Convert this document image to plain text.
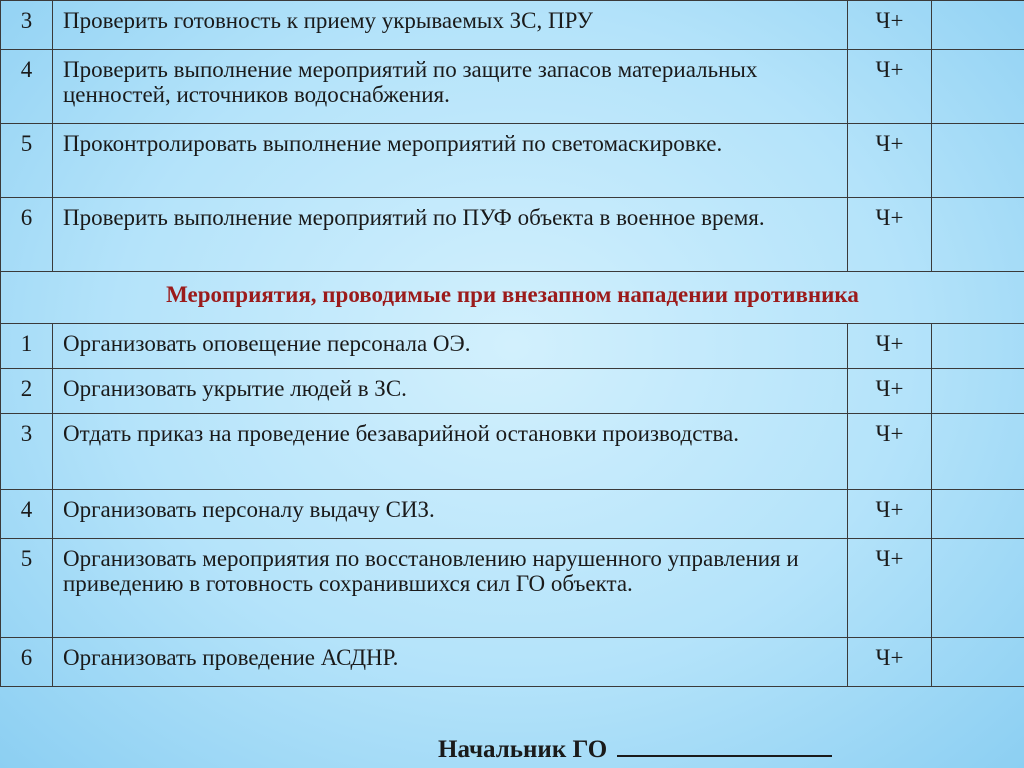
3	Проверить готовность к приему укрываемых ЗС, ПРУ	Ч+	
4	Проверить выполнение мероприятий по защите запасов материальных ценностей, источников водоснабжения.	Ч+	
5	Проконтролировать выполнение мероприятий по светомаскировке.	Ч+	
6	Проверить выполнение мероприятий по ПУФ объекта в военное время.	Ч+	
Мероприятия, проводимые при внезапном нападении противника			
1	Организовать оповещение персонала ОЭ.	Ч+	
2	Организовать укрытие людей в ЗС.	Ч+	
3	Отдать приказ на проведение безаварийной остановки производства.	Ч+	
4	Организовать персоналу выдачу СИЗ.	Ч+	
5	Организовать мероприятия по восстановлению нарушенного управления и приведению в готовность сохранившихся сил ГО объекта.	Ч+	
6	Организовать проведение АСДНР.	Ч+	
Начальник ГО
